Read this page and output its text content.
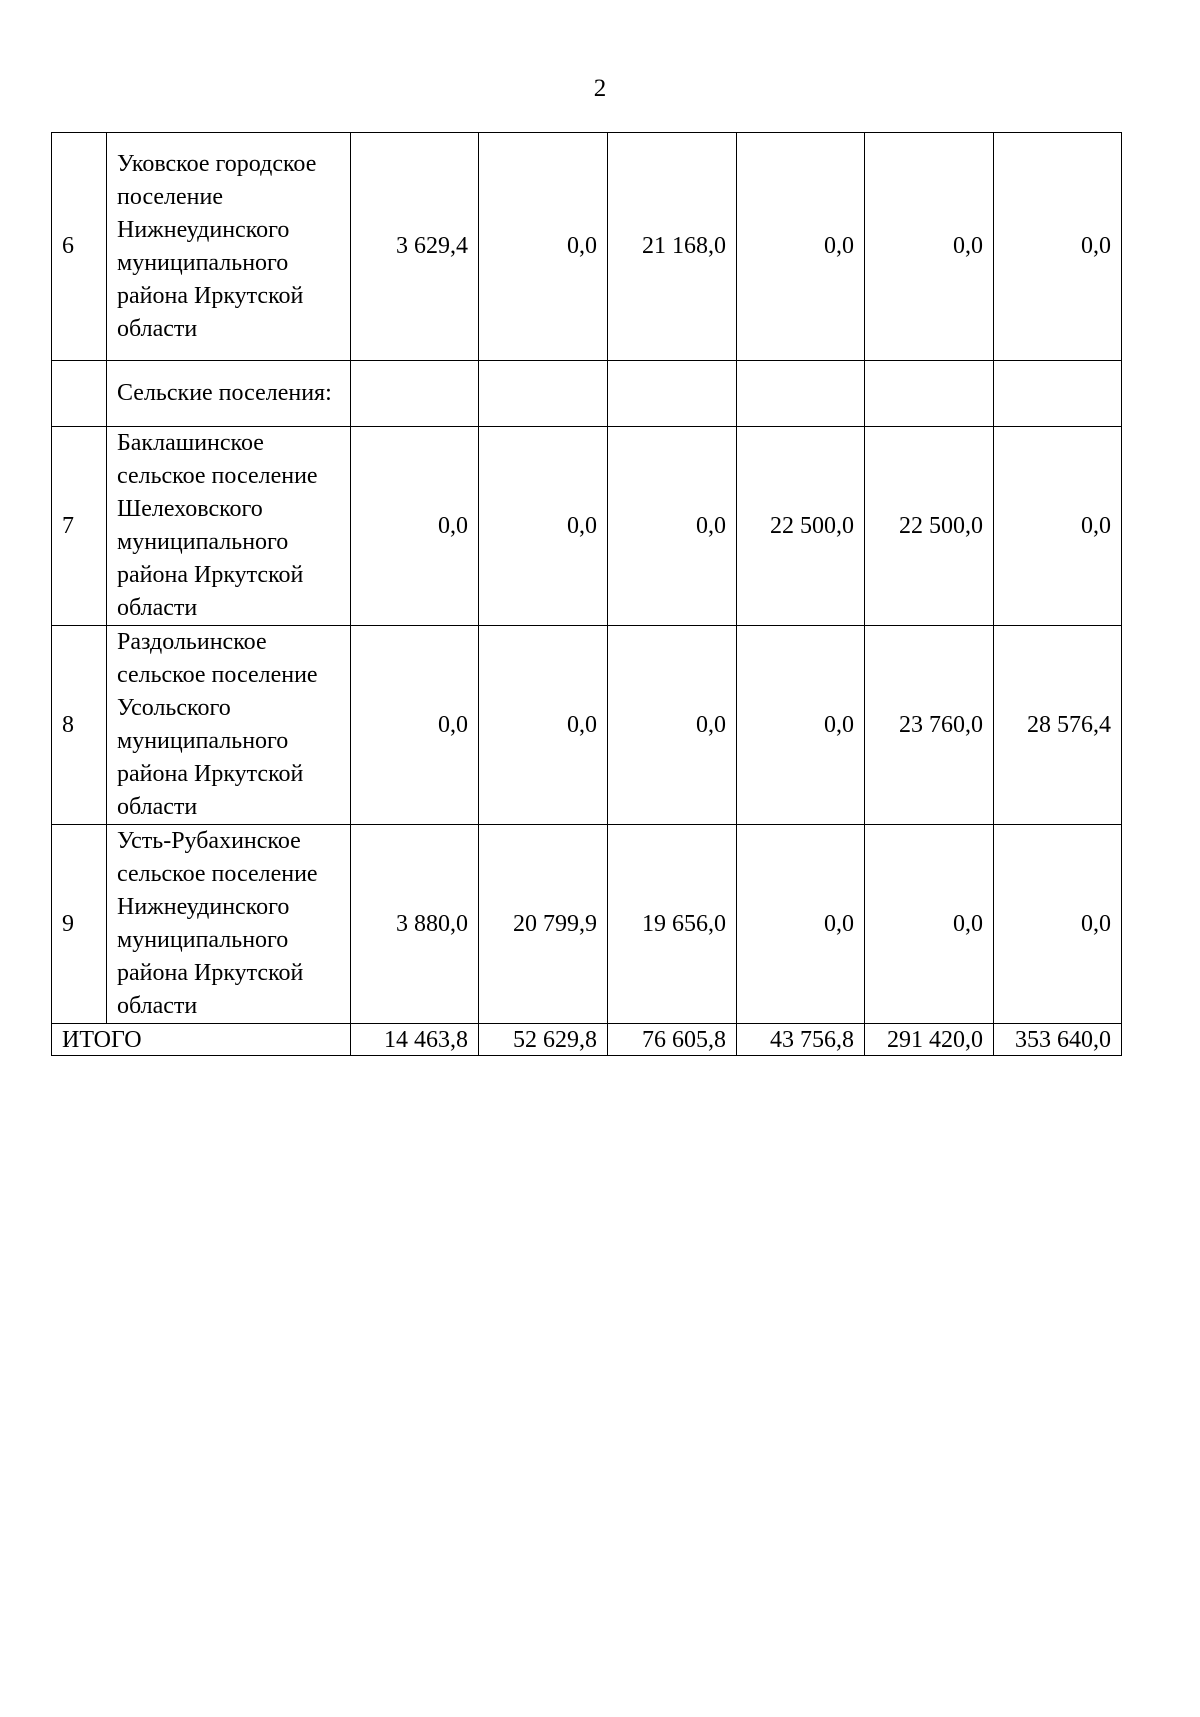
2
6	Уковское городское поселение Нижнеудинского муниципального района Иркутской области	3 629,4	0,0	21 168,0	0,0	0,0	0,0
	Сельские поселения:						
7	Баклашинское сельское поселение Шелеховского муниципального района Иркутской области	0,0	0,0	0,0	22 500,0	22 500,0	0,0
8	Раздольинское сельское поселение Усольского муниципального района Иркутской области	0,0	0,0	0,0	0,0	23 760,0	28 576,4
9	Усть-Рубахинское сельское поселение Нижнеудинского муниципального района Иркутской области	3 880,0	20 799,9	19 656,0	0,0	0,0	0,0
ИТОГО		14 463,8	52 629,8	76 605,8	43 756,8	291 420,0	353 640,0
